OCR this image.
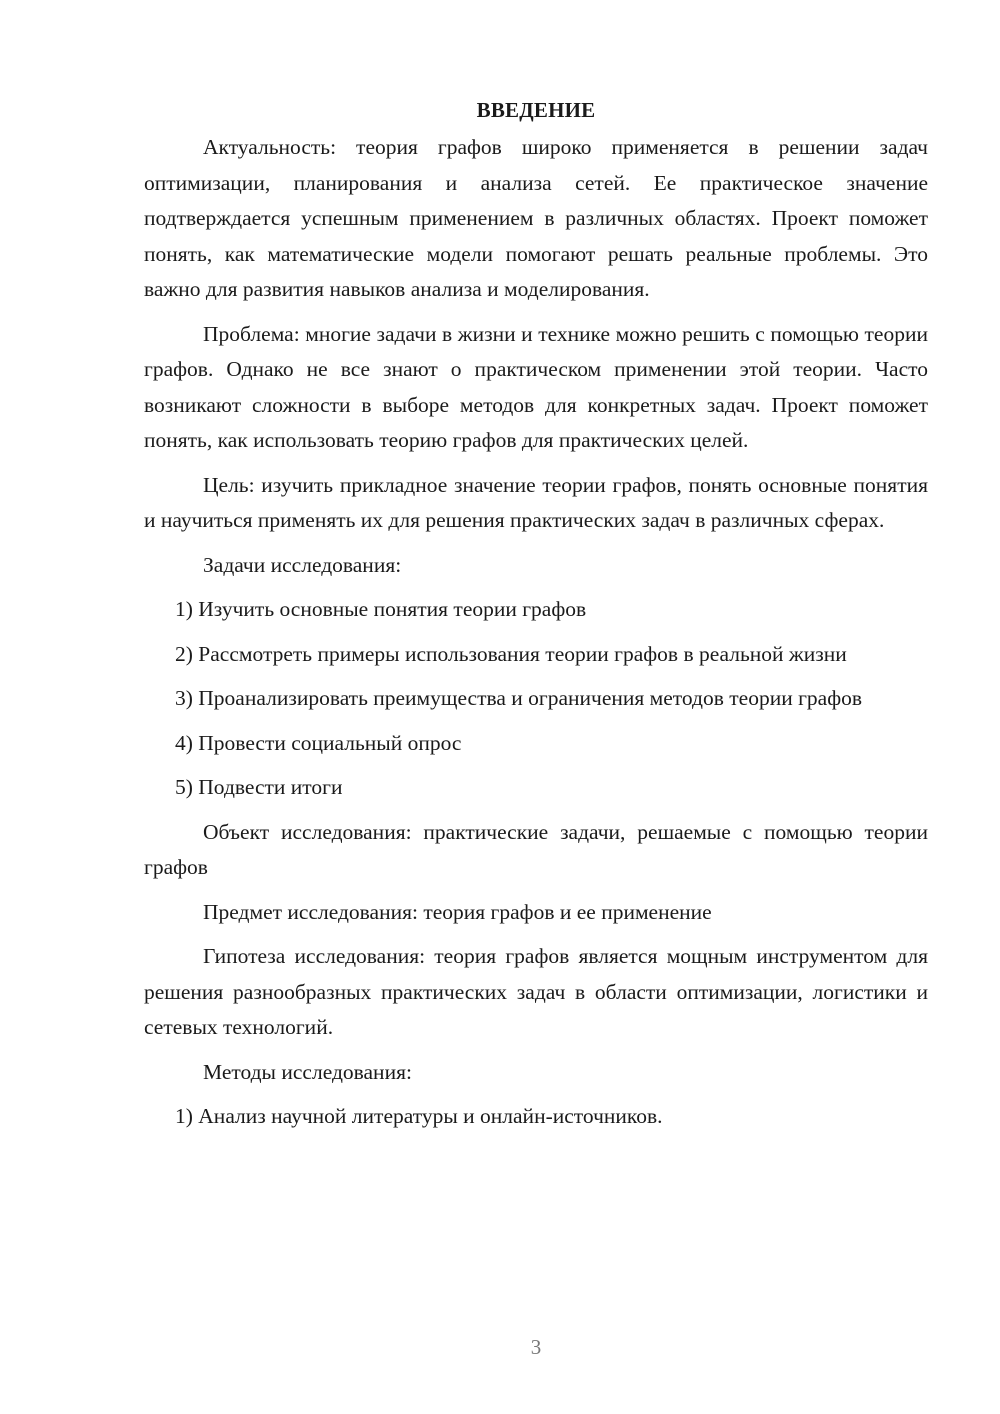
ВВЕДЕНИЕ

Актуальность: теория графов широко применяется в решении задач оптимизации, планирования и анализа сетей. Ее практическое значение подтверждается успешным применением в различных областях. Проект поможет понять, как математические модели помогают решать реальные проблемы. Это важно для развития навыков анализа и моделирования.

Проблема: многие задачи в жизни и технике можно решить с помощью теории графов. Однако не все знают о практическом применении этой теории. Часто возникают сложности в выборе методов для конкретных задач. Проект поможет понять, как использовать теорию графов для практических целей.

Цель: изучить прикладное значение теории графов, понять основные понятия и научиться применять их для решения практических задач в различных сферах.

Задачи исследования:

1) Изучить основные понятия теории графов

2) Рассмотреть примеры использования теории графов в реальной жизни

3) Проанализировать преимущества и ограничения методов теории графов

4) Провести социальный опрос

5) Подвести итоги

Объект исследования: практические задачи, решаемые с помощью теории графов

Предмет исследования: теория графов и ее применение

Гипотеза исследования: теория графов является мощным инструментом для решения разнообразных практических задач в области оптимизации, логистики и сетевых технологий.

Методы исследования:

1) Анализ научной литературы и онлайн-источников.

3
